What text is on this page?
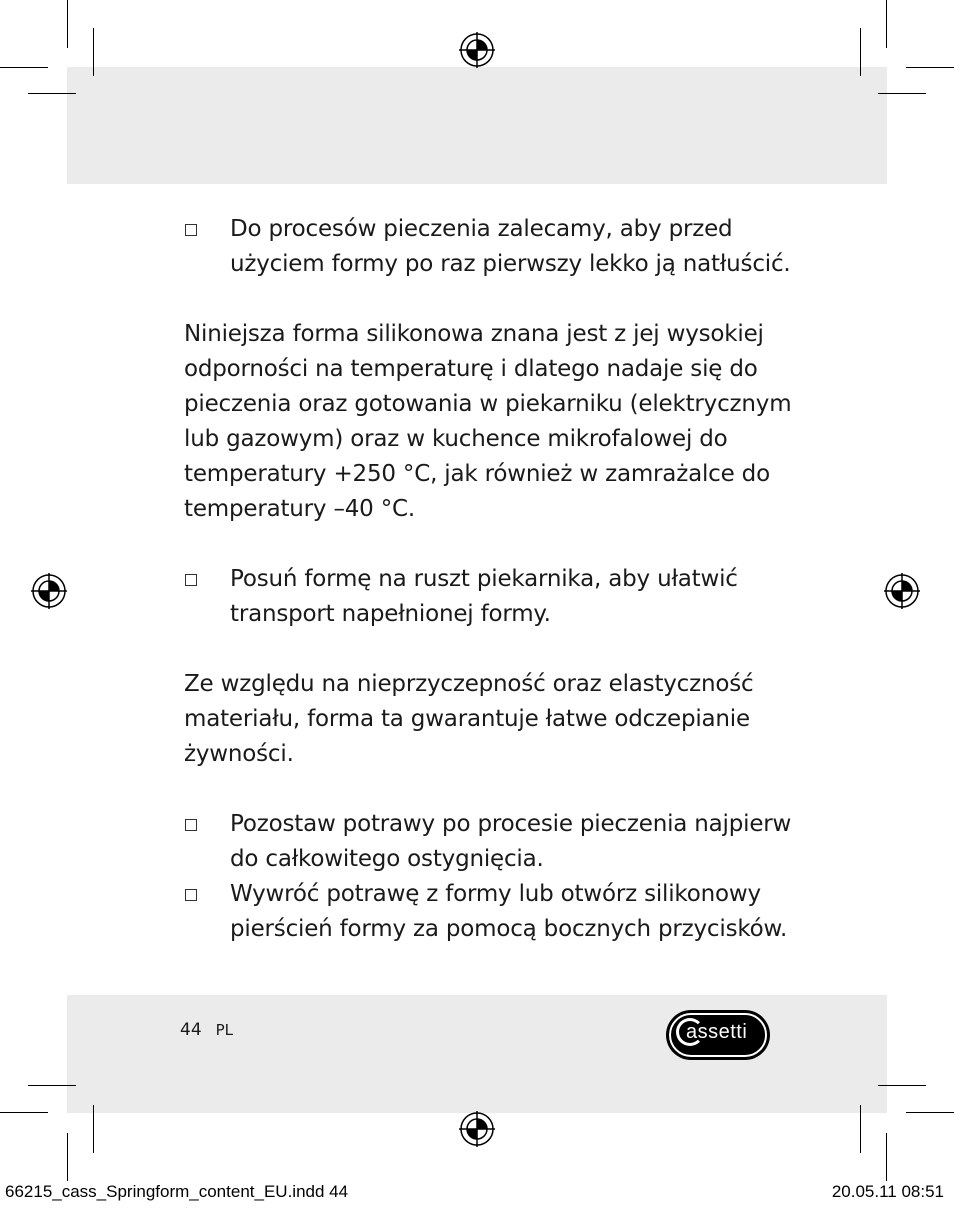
Do procesów pieczenia zalecamy, aby przed

użyciem formy po raz pierwszy lekko ją natłuścić.

Niniejsza forma silikonowa znana jest z jej wysokiej

odporności na temperaturę i dlatego nadaje się do

pieczenia oraz gotowania w piekarniku (elektrycznym

lub gazowym) oraz w kuchence mikrofalowej do

temperatury +250 °C, jak również w zamrażalce do

temperatury –40 °C.

Posuń formę na ruszt piekarnika, aby ułatwić

transport napełnionej formy.

Ze względu na nieprzyczepność oraz elastyczność

materiału, forma ta gwarantuje łatwe odczepianie

żywności.

Pozostaw potrawy po procesie pieczenia najpierw

do całkowitego ostygnięcia.

Wywróć potrawę z formy lub otwórz silikonowy

pierścień formy za pomocą bocznych przycisków.

44 PL	assetti
66215_cass_Springform_content_EU.indd 44	20.05.11 08:51
